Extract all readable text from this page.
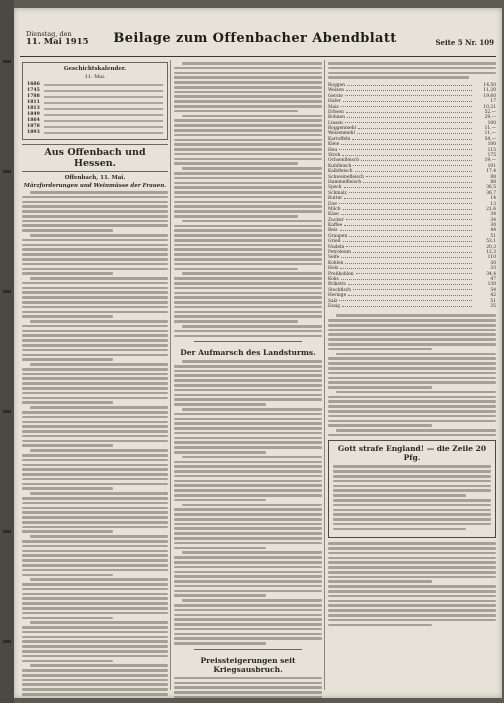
Dienstag, den
11. Mai 1915	Beilage zum Offenbacher Abendblatt	Seite 5 Nr. 109
Geschichtskalender.
11. Mai.
1686
1745
1788
1811
1813
1849
1864
1878
1893
Aus Offenbach und Hessen.
Offenbach, 11. Mai.
Märzforderungen und Weinmüsse der Frauen.
Der Aufmarsch des Landsturms.
Preissteigerungen seit Kriegsausbruch.
Roggen	14,50
Weizen	11,20
Gerste	19,60
Hafer	17
Mais	10,21
Erbsen	52,—
Bohnen	29,—
Linsen	100
Roggenmehl	11,—
Weizenmehl	11,—
Kartoffeln	54,—
Kleie	100
Heu	115
Stroh	175
Ochsenfleisch	19,—
Kuhfleisch	101
Kalbfleisch	17,4
Schweinefleisch	88
Hammelfleisch	88
Speck	36,5
Schmalz	36,7
Butter	14
Eier	13
Milch	21,6
Käse	34
Zucker	34
Kaffee	30
Reis	44
Graupen	51
Grieß	53,1
Nudeln	20,3
Petroleum	12,3
Seife	110
Kohlen	30
Holz	33
Preßkohlen	34,4
Koks	47
Briketts	130
Stockfisch	54
Heringe	42
Salz	51
Essig	35
Gott strafe England! — die Zeile 20 Pfg.
